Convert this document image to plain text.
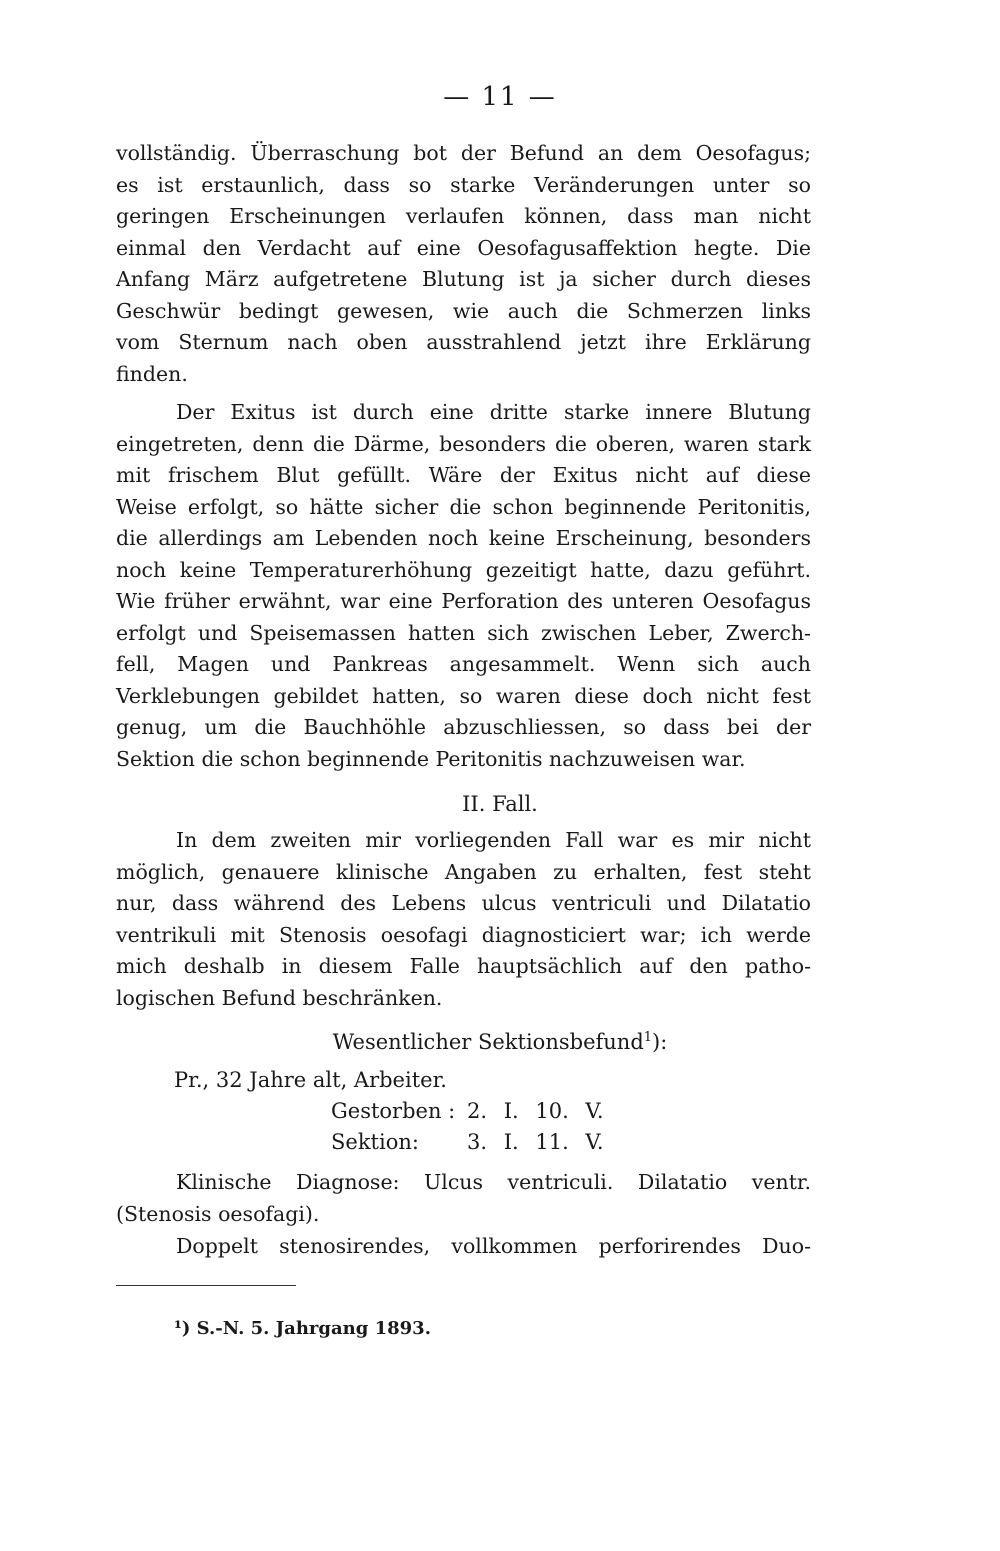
— 11 —
vollständig. Überraschung bot der Befund an dem Oesofagus;
es ist erstaunlich, dass so starke Veränderungen unter so
geringen Erscheinungen verlaufen können, dass man nicht
einmal den Verdacht auf eine Oesofagusaffektion hegte. Die
Anfang März aufgetretene Blutung ist ja sicher durch dieses
Geschwür bedingt gewesen, wie auch die Schmerzen links
vom Sternum nach oben ausstrahlend jetzt ihre Erklärung
finden.
Der Exitus ist durch eine dritte starke innere Blutung
eingetreten, denn die Därme, besonders die oberen, waren stark
mit frischem Blut gefüllt. Wäre der Exitus nicht auf diese
Weise erfolgt, so hätte sicher die schon beginnende Peritonitis,
die allerdings am Lebenden noch keine Erscheinung, besonders
noch keine Temperaturerhöhung gezeitigt hatte, dazu geführt.
Wie früher erwähnt, war eine Perforation des unteren Oesofagus
erfolgt und Speisemassen hatten sich zwischen Leber, Zwerch-
fell, Magen und Pankreas angesammelt. Wenn sich auch
Verklebungen gebildet hatten, so waren diese doch nicht fest
genug, um die Bauchhöhle abzuschliessen, so dass bei der
Sektion die schon beginnende Peritonitis nachzuweisen war.
II. Fall.
In dem zweiten mir vorliegenden Fall war es mir nicht
möglich, genauere klinische Angaben zu erhalten, fest steht
nur, dass während des Lebens ulcus ventriculi und Dilatatio
ventrikuli mit Stenosis oesofagi diagnosticiert war; ich werde
mich deshalb in diesem Falle hauptsächlich auf den patho-
logischen Befund beschränken.
Wesentlicher Sektionsbefund$^1$):
Pr., 32 Jahre alt, Arbeiter.
Gestorben : 2. I. 10. V.
Sektion: 3. I. 11. V.
Klinische Diagnose: Ulcus ventriculi. Dilatatio ventr.
(Stenosis oesofagi).
Doppelt stenosirendes, vollkommen perforirendes Duo-
¹) S.-N. 5. Jahrgang 1893.
